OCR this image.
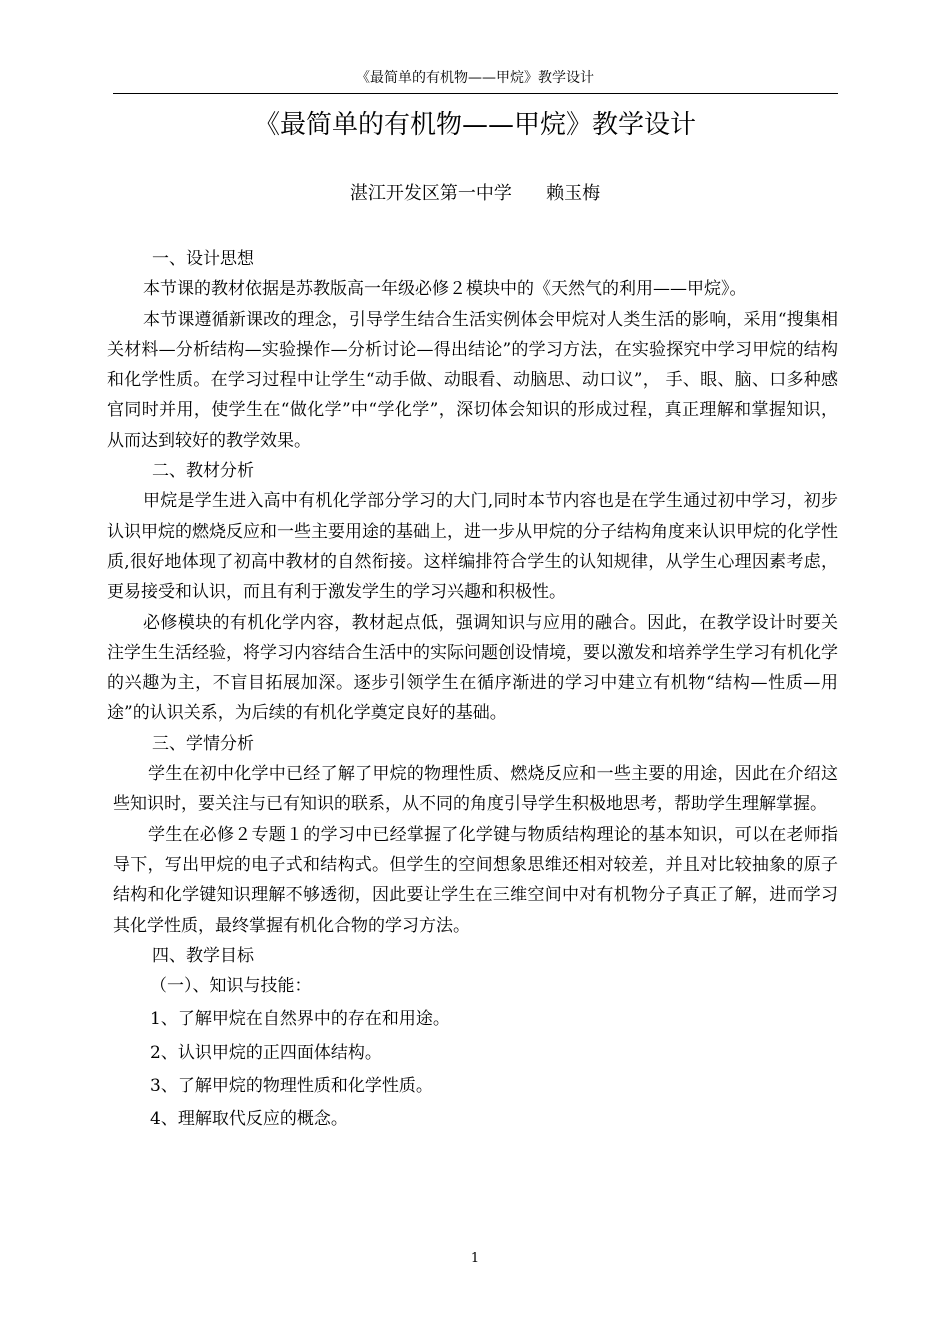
《最简单的有机物——甲烷》教学设计
《最简单的有机物——甲烷》教学设计
湛江开发区第一中学      赖玉梅

一、设计思想

本节课的教材依据是苏教版高一年级必修２模块中的《天然气的利用——甲烷》。

本节课遵循新课改的理念，引导学生结合生活实例体会甲烷对人类生活的影响，采用“搜集相关材料—分析结构—实验操作—分析讨论—得出结论”的学习方法，在实验探究中学习甲烷的结构和化学性质。在学习过程中让学生“动手做、动眼看、动脑思、动口议”， 手、眼、脑、口多种感官同时并用，使学生在“做化学”中“学化学”，深切体会知识的形成过程，真正理解和掌握知识，从而达到较好的教学效果。

二、教材分析

甲烷是学生进入高中有机化学部分学习的大门,同时本节内容也是在学生通过初中学习，初步认识甲烷的燃烧反应和一些主要用途的基础上，进一步从甲烷的分子结构角度来认识甲烷的化学性质,很好地体现了初高中教材的自然衔接。这样编排符合学生的认知规律，从学生心理因素考虑，更易接受和认识，而且有利于激发学生的学习兴趣和积极性。

必修模块的有机化学内容，教材起点低，强调知识与应用的融合。因此，在教学设计时要关注学生生活经验，将学习内容结合生活中的实际问题创设情境，要以激发和培养学生学习有机化学的兴趣为主，不盲目拓展加深。逐步引领学生在循序渐进的学习中建立有机物“结构—性质—用途”的认识关系，为后续的有机化学奠定良好的基础。

三、学情分析

学生在初中化学中已经了解了甲烷的物理性质、燃烧反应和一些主要的用途，因此在介绍这些知识时，要关注与已有知识的联系，从不同的角度引导学生积极地思考，帮助学生理解掌握。

学生在必修２专题１的学习中已经掌握了化学键与物质结构理论的基本知识，可以在老师指导下，写出甲烷的电子式和结构式。但学生的空间想象思维还相对较差，并且对比较抽象的原子结构和化学键知识理解不够透彻，因此要让学生在三维空间中对有机物分子真正了解，进而学习其化学性质，最终掌握有机化合物的学习方法。

四、教学目标

（一）、知识与技能：

1、了解甲烷在自然界中的存在和用途。

2、认识甲烷的正四面体结构。

3、了解甲烷的物理性质和化学性质。

4、理解取代反应的概念。

1
